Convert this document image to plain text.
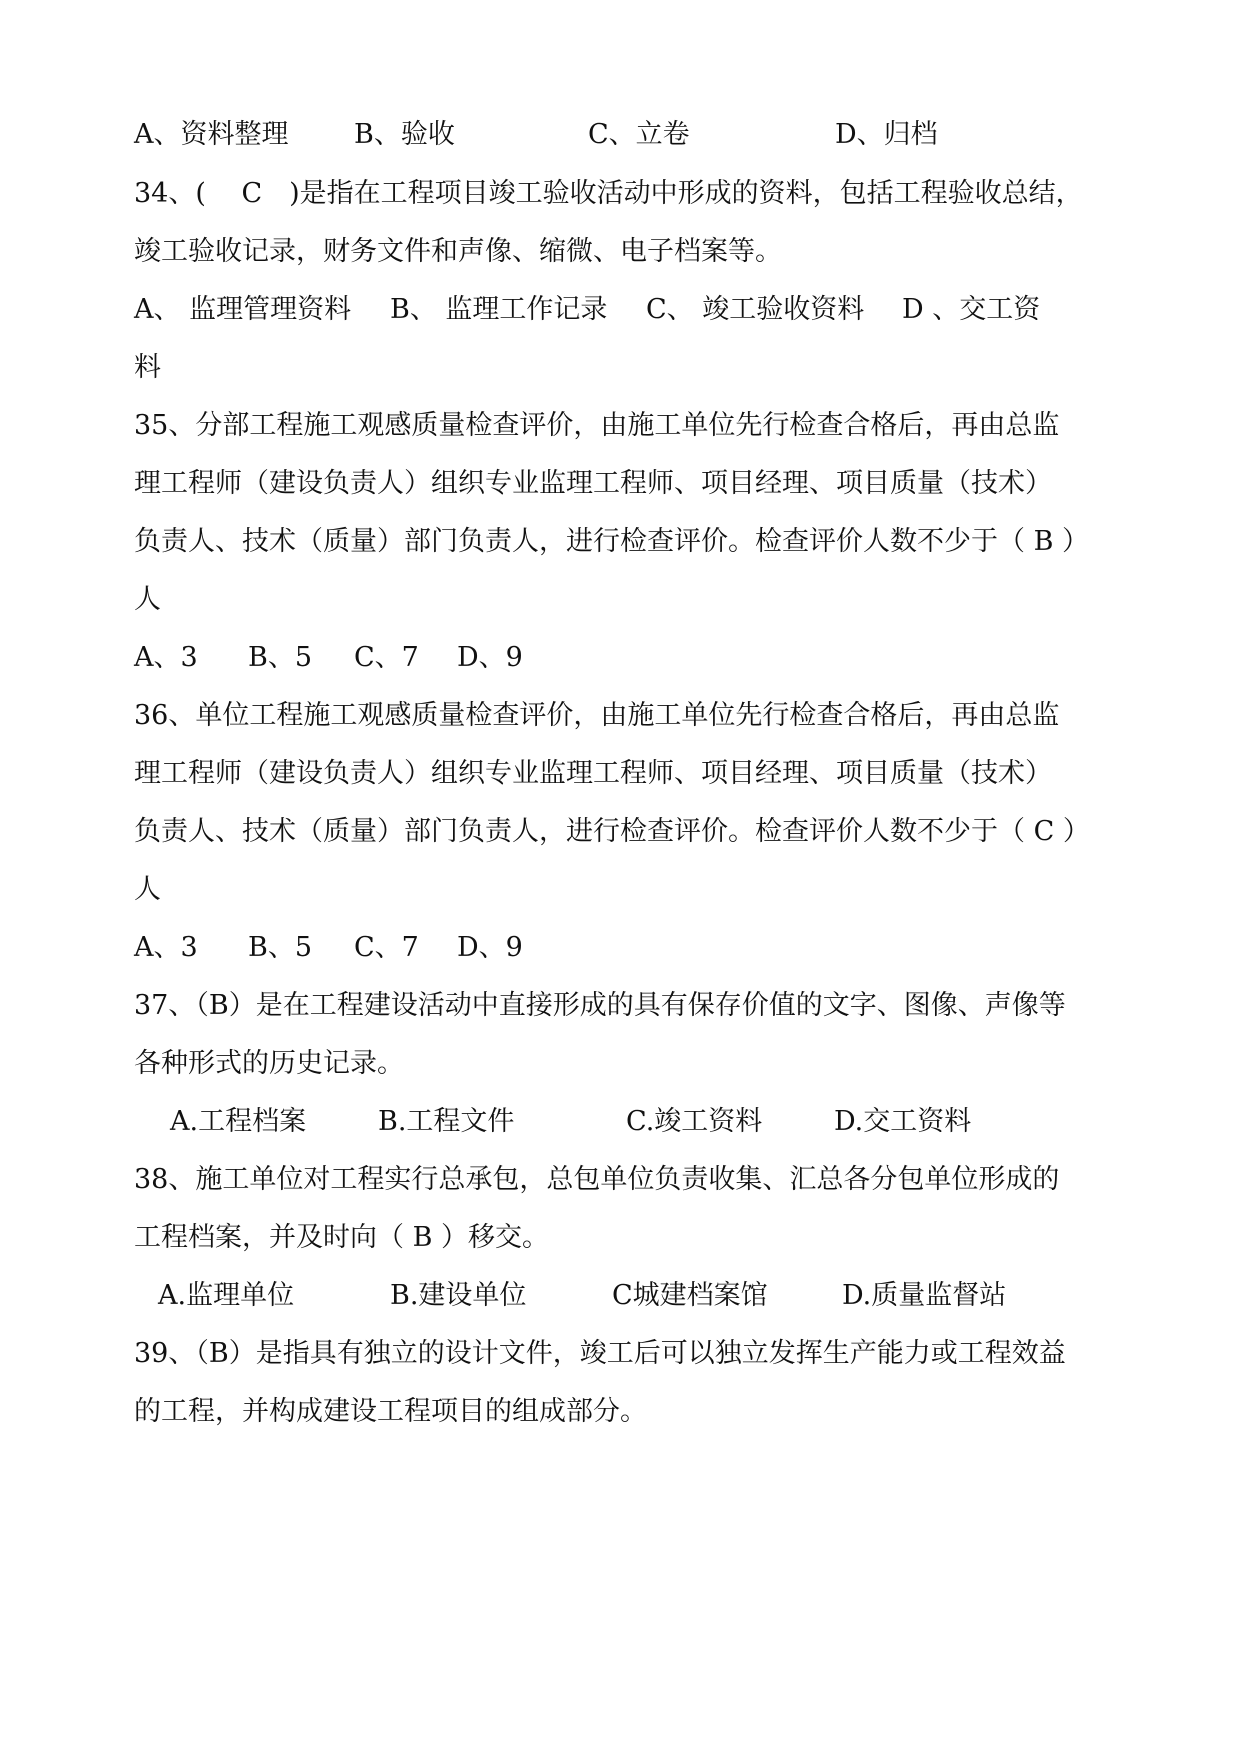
A、资料整理 B、验收	C、立卷	D、归档
34、(　 C　)是指在工程项目竣工验收活动中形成的资料，包括工程验收总结，
竣工验收记录，财务文件和声像、缩微、电子档案等。
A、 监理管理资料 B、 监理工作记录 C、 竣工验收资料 D 、交工资
料
35、分部工程施工观感质量检查评价，由施工单位先行检查合格后，再由总监
理工程师（建设负责人）组织专业监理工程师、项目经理、项目质量（技术）
负责人、技术（质量）部门负责人，进行检查评价。检查评价人数不少于（ B ）
人
A、3 B、5 C、7 D、9
36、单位工程施工观感质量检查评价，由施工单位先行检查合格后，再由总监
理工程师（建设负责人）组织专业监理工程师、项目经理、项目质量（技术）
负责人、技术（质量）部门负责人，进行检查评价。检查评价人数不少于（ C ）
人
A、3 B、5 C、7 D、9
37、（B）是在工程建设活动中直接形成的具有保存价值的文字、图像、声像等
各种形式的历史记录。
A.工程档案	B.工程文件	C.竣工资料	D.交工资料
38、施工单位对工程实行总承包，总包单位负责收集、汇总各分包单位形成的
工程档案，并及时向（ B ）移交。
A.监理单位	B.建设单位	C城建档案馆	D.质量监督站
39、（B）是指具有独立的设计文件，竣工后可以独立发挥生产能力或工程效益
的工程，并构成建设工程项目的组成部分。
